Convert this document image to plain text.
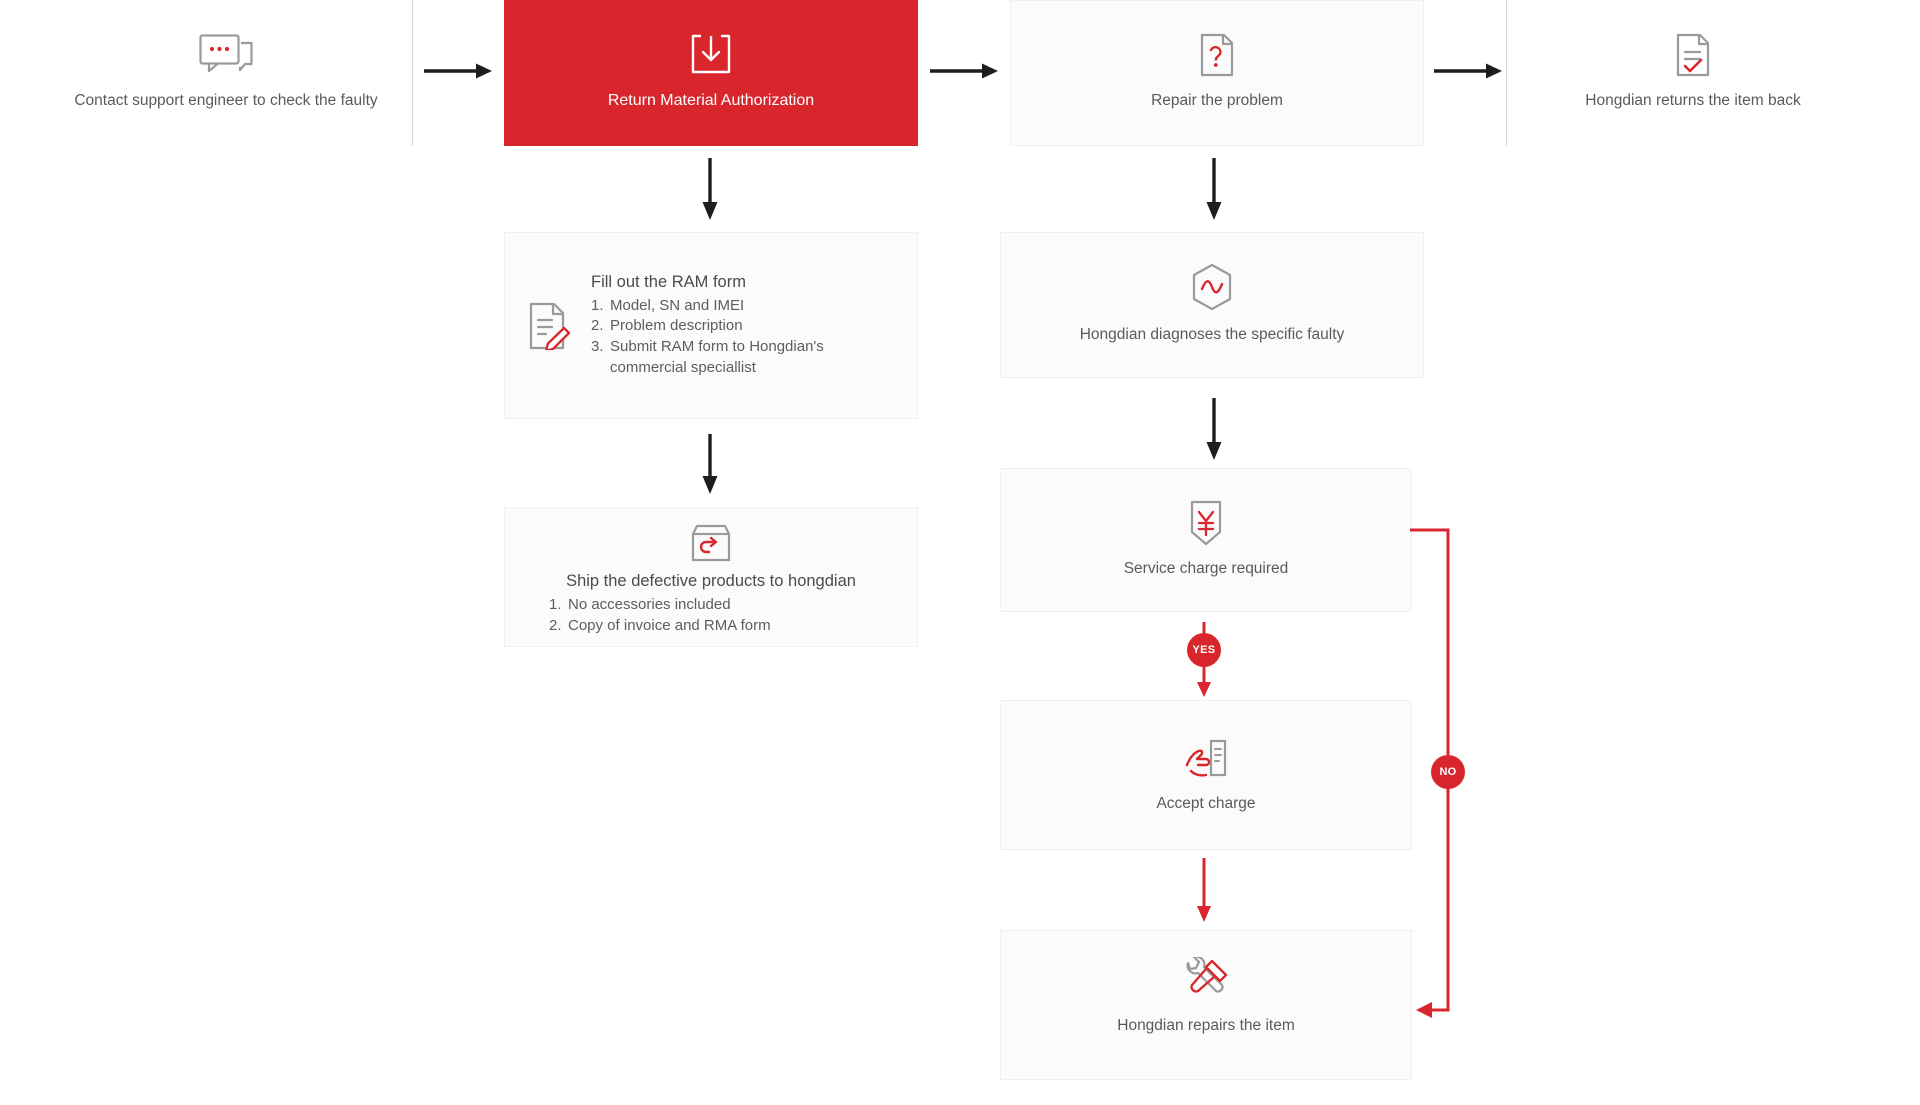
Contact support engineer to check the faulty	Return Material Authorization	Repair the problem	Hongdian returns the item back
Fill out the RAM form
1. Model, SN and IMEI
2. Problem description
3. Submit RAM form to Hongdian's commercial speciallist
Ship the defective products to hongdian
1. No accessories included
2. Copy of invoice and RMA form
Hongdian diagnoses the specific faulty
Service charge required
YES
Accept charge
Hongdian repairs the item
NO
